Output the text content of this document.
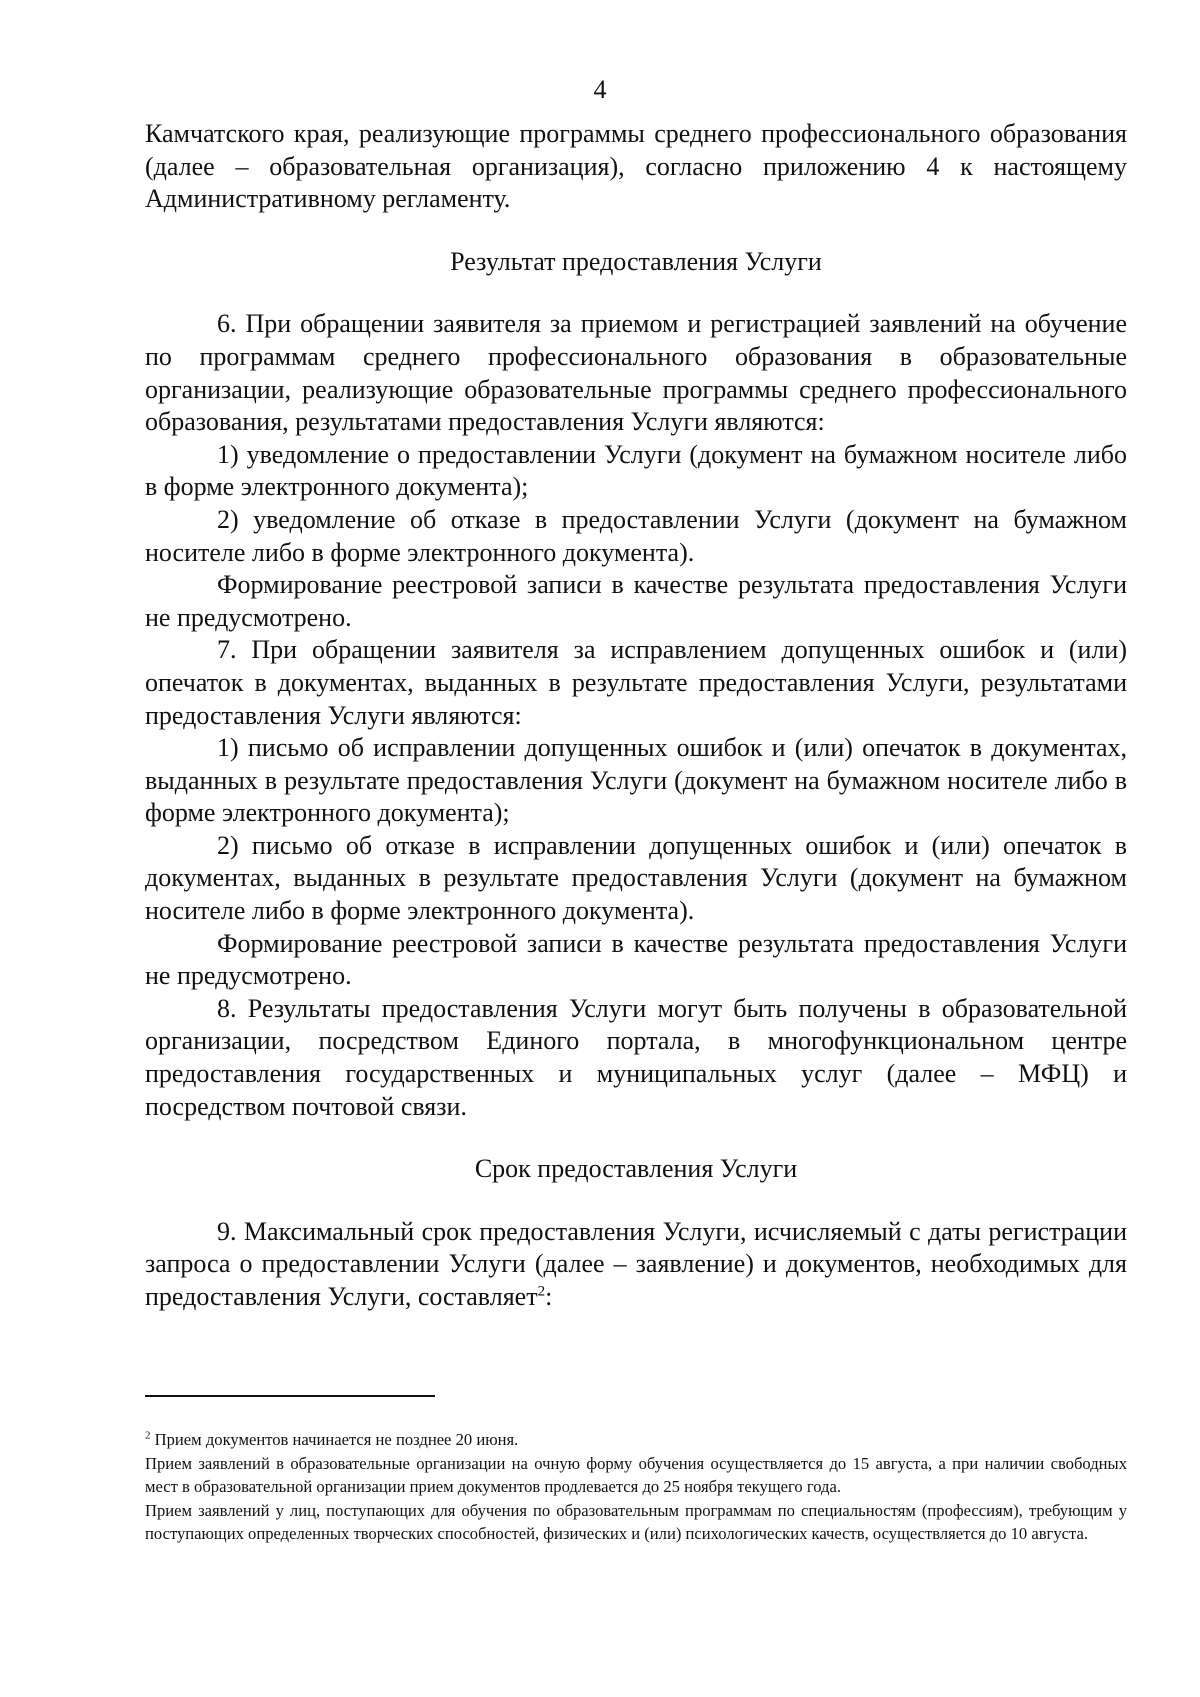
4

Камчатского края, реализующие программы среднего профессионального образования (далее – образовательная организация), согласно приложению 4 к настоящему Административному регламенту.

Результат предоставления Услуги

6. При обращении заявителя за приемом и регистрацией заявлений на обучение по программам среднего профессионального образования в образовательные организации, реализующие образовательные программы среднего профессионального образования, результатами предоставления Услуги являются:

1) уведомление о предоставлении Услуги (документ на бумажном носителе либо в форме электронного документа);

2) уведомление об отказе в предоставлении Услуги (документ на бумажном носителе либо в форме электронного документа).

Формирование реестровой записи в качестве результата предоставления Услуги не предусмотрено.

7. При обращении заявителя за исправлением допущенных ошибок и (или) опечаток в документах, выданных в результате предоставления Услуги, результатами предоставления Услуги являются:

1) письмо об исправлении допущенных ошибок и (или) опечаток в документах, выданных в результате предоставления Услуги (документ на бумажном носителе либо в форме электронного документа);

2) письмо об отказе в исправлении допущенных ошибок и (или) опечаток в документах, выданных в результате предоставления Услуги (документ на бумажном носителе либо в форме электронного документа).

Формирование реестровой записи в качестве результата предоставления Услуги не предусмотрено.

8. Результаты предоставления Услуги могут быть получены в образовательной организации, посредством Единого портала, в многофункциональном центре предоставления государственных и муниципальных услуг (далее – МФЦ) и посредством почтовой связи.

Срок предоставления Услуги

9. Максимальный срок предоставления Услуги, исчисляемый с даты регистрации запроса о предоставлении Услуги (далее – заявление) и документов, необходимых для предоставления Услуги, составляет$^2$:

$^2$ Прием документов начинается не позднее 20 июня.

Прием заявлений в образовательные организации на очную форму обучения осуществляется до 15 августа, а при наличии свободных мест в образовательной организации прием документов продлевается до 25 ноября текущего года.

Прием заявлений у лиц, поступающих для обучения по образовательным программам по специальностям (профессиям), требующим у поступающих определенных творческих способностей, физических и (или) психологических качеств, осуществляется до 10 августа.
